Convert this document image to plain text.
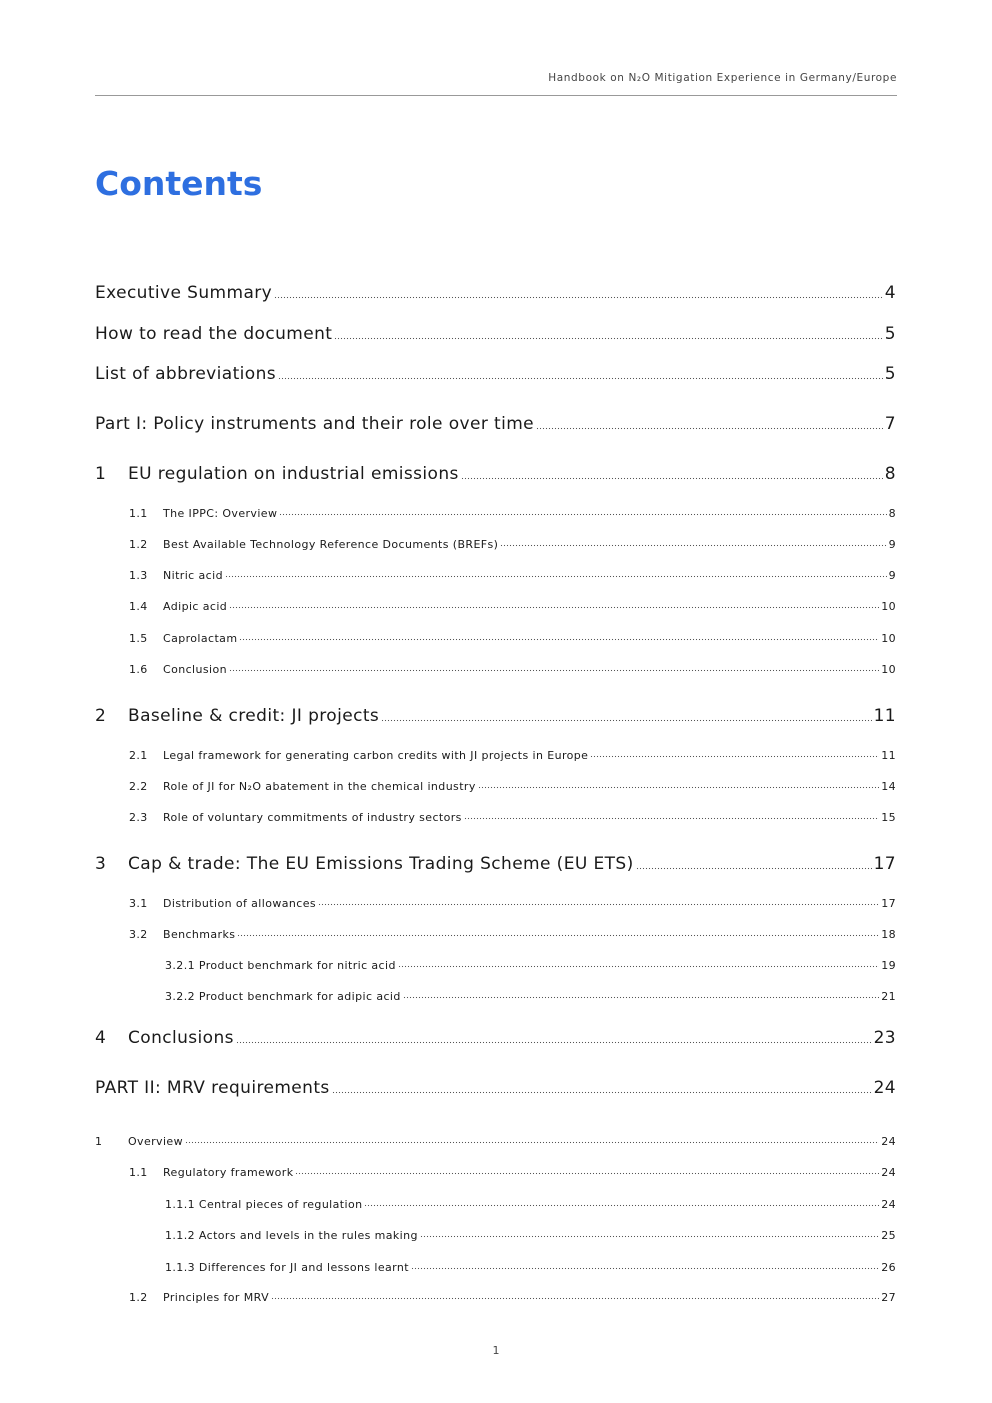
Handbook on N₂O Mitigation Experience in Germany/Europe
Contents
Executive Summary	4
How to read the document	5
List of abbreviations	5
Part I: Policy instruments and their role over time	7
1	EU regulation on industrial emissions	8
1.1	The IPPC: Overview	8
1.2	Best Available Technology Reference Documents (BREFs)	9
1.3	Nitric acid	9
1.4	Adipic acid	10
1.5	Caprolactam	10
1.6	Conclusion	10
2	Baseline & credit: JI projects	11
2.1	Legal framework for generating carbon credits with JI projects in Europe	11
2.2	Role of JI for N₂O abatement in the chemical industry	14
2.3	Role of voluntary commitments of industry sectors	15
3	Cap & trade: The EU Emissions Trading Scheme (EU ETS)	17
3.1	Distribution of allowances	17
3.2	Benchmarks	18
3.2.1 Product benchmark for nitric acid	19
3.2.2 Product benchmark for adipic acid	21
4	Conclusions	23
PART II: MRV requirements	24
1	Overview	24
1.1	Regulatory framework	24
1.1.1 Central pieces of regulation	24
1.1.2 Actors and levels in the rules making	25
1.1.3 Differences for JI and lessons learnt	26
1.2	Principles for MRV	27
1
